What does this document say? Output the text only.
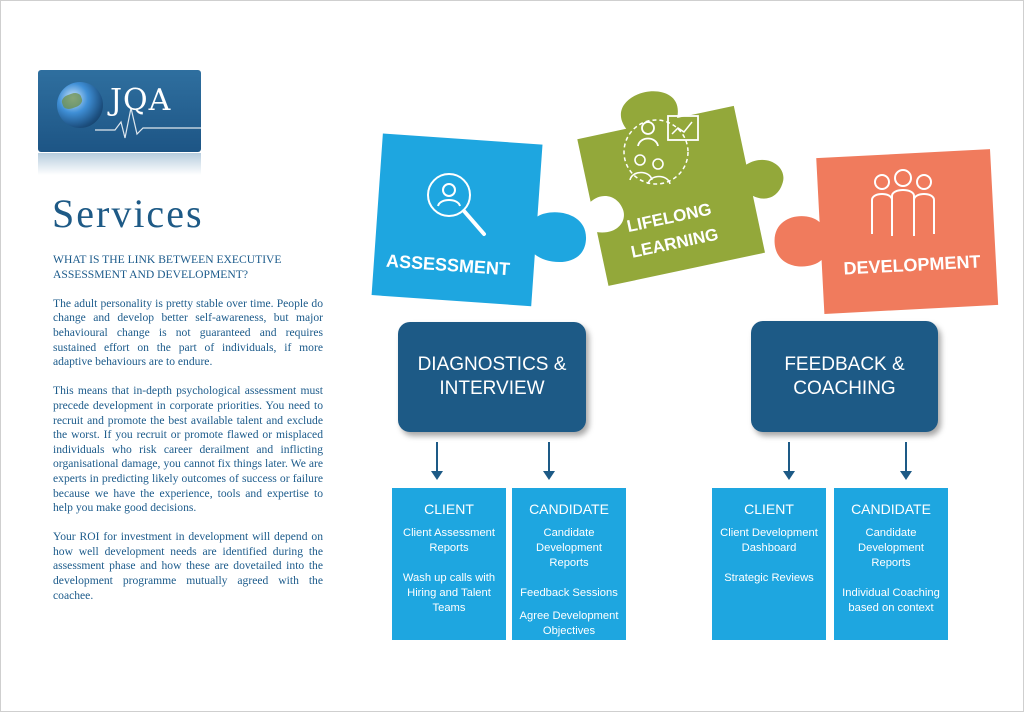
JQA
Services

WHAT IS THE LINK BETWEEN EXECUTIVE ASSESSMENT AND DEVELOPMENT?

The adult personality is pretty stable over time. People do change and develop better self-awareness, but major behavioural change is not guaranteed and requires sustained effort on the part of individuals, if more adaptive behaviours are to endure.

This means that in-depth psychological assessment must precede development in corporate priorities. You need to recruit and promote the best available talent and exclude the worst. If you recruit or promote flawed or misplaced individuals who risk career derailment and inflicting organisational damage, you cannot fix things later. We are experts in predicting likely outcomes of success or failure because we have the experience, tools and expertise to help you make good decisions.

Your ROI for investment in development will depend on how well development needs are identified during the assessment phase and how these are dovetailed into the development programme mutually agreed with the coachee.

ASSESSMENT
LIFELONG
LEARNING
DEVELOPMENT
DIAGNOSTICS &
INTERVIEW
FEEDBACK &
COACHING
CLIENT
Client Assessment Reports
Wash up calls with Hiring and Talent Teams
CANDIDATE
Candidate Development Reports
Feedback Sessions
Agree Development Objectives
CLIENT
Client Development Dashboard
Strategic Reviews
CANDIDATE
Candidate Development Reports
Individual Coaching based on context
